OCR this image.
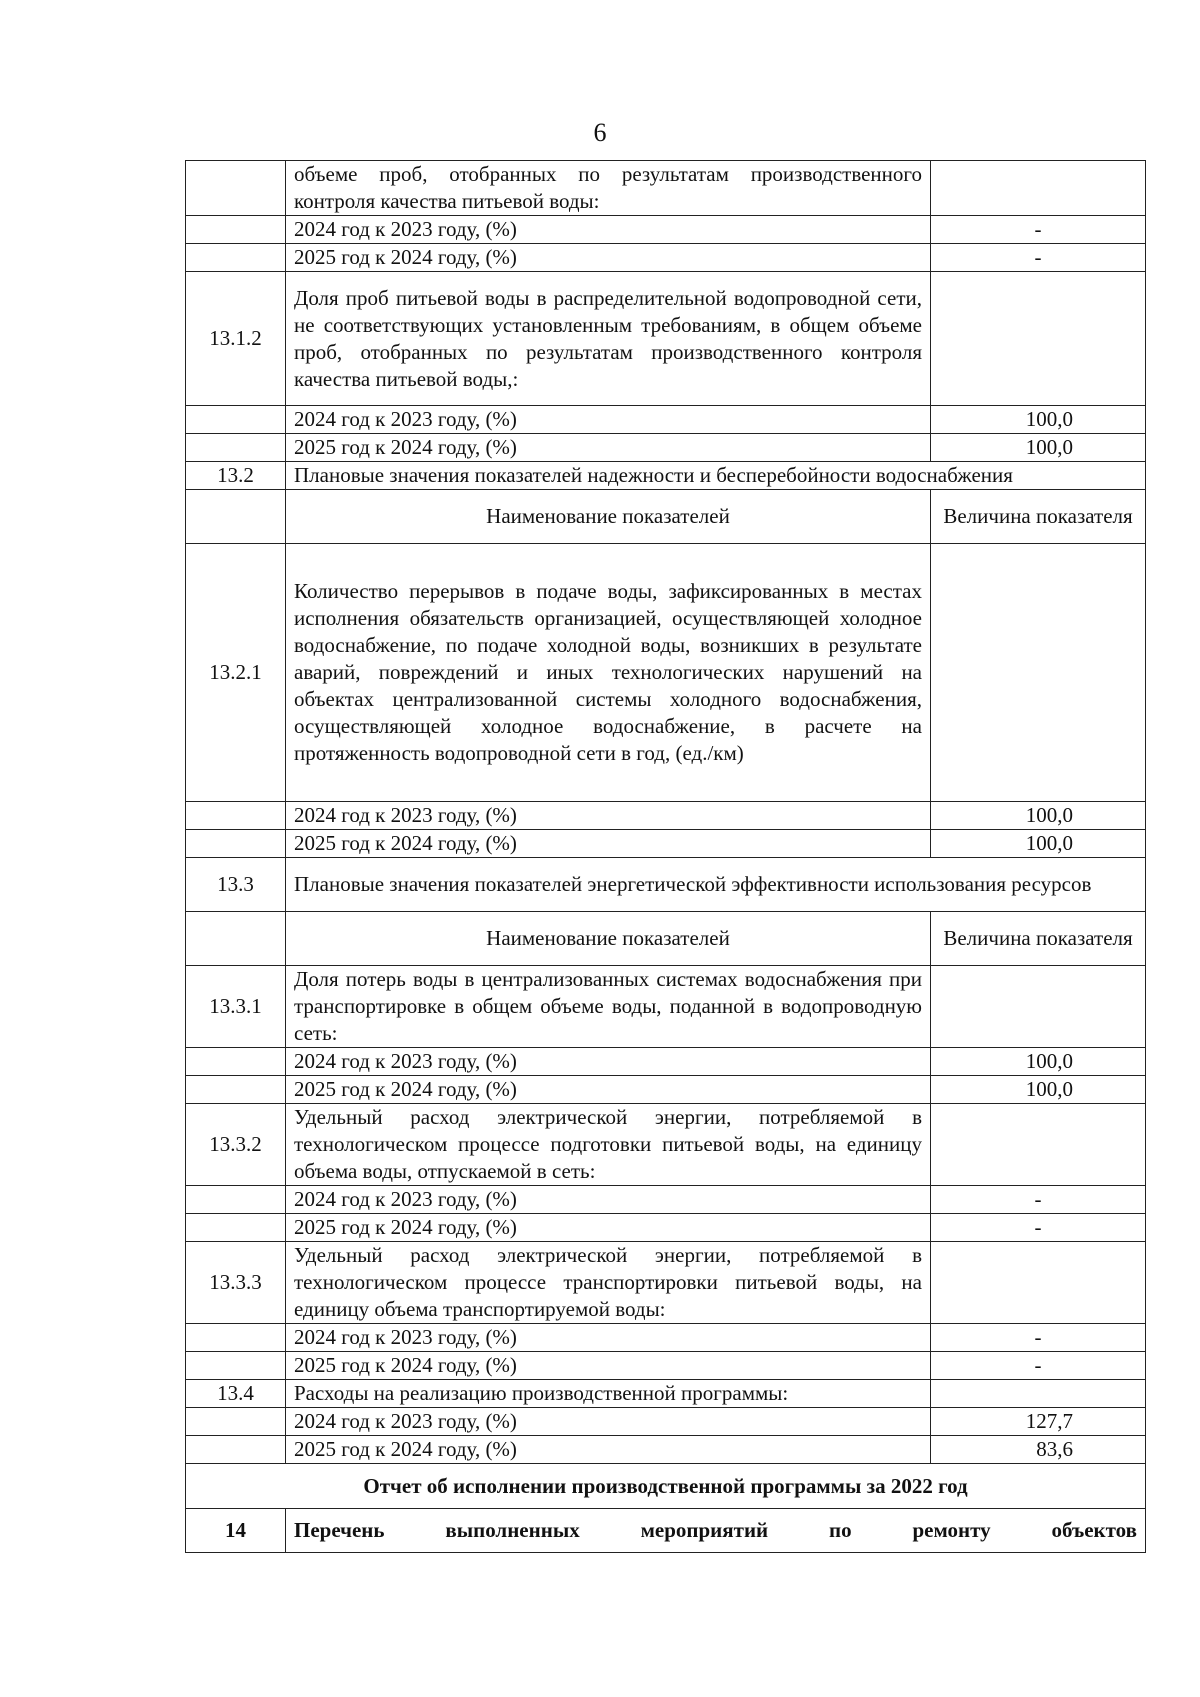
6
	объеме проб, отобранных по результатам производственного контроля качества питьевой воды:	
	2024 год к 2023 году, (%)	-
	2025 год к 2024 году, (%)	-
13.1.2	Доля проб питьевой воды в распределительной водопроводной сети, не соответствующих установленным требованиям, в общем объеме проб, отобранных по результатам производственного контроля качества питьевой воды,:	
	2024 год к 2023 году, (%)	100,0
	2025 год к 2024 году, (%)	100,0
13.2	Плановые значения показателей надежности и бесперебойности водоснабжения	
	Наименование показателей	Величина показателя
13.2.1	Количество перерывов в подаче воды, зафиксированных в местах исполнения обязательств организацией, осуществляющей холодное водоснабжение, по подаче холодной воды, возникших в результате аварий, повреждений и иных технологических нарушений на объектах централизованной системы холодного водоснабжения, осуществляющей холодное водоснабжение, в расчете на протяженность водопроводной сети в год, (ед./км)	
	2024 год к 2023 году, (%)	100,0
	2025 год к 2024 году, (%)	100,0
13.3	Плановые значения показателей энергетической эффективности использования ресурсов	
	Наименование показателей	Величина показателя
13.3.1	Доля потерь воды в централизованных системах водоснабжения при транспортировке в общем объеме воды, поданной в водопроводную сеть:	
	2024 год к 2023 году, (%)	100,0
	2025 год к 2024 году, (%)	100,0
13.3.2	Удельный расход электрической энергии, потребляемой в технологическом процессе подготовки питьевой воды, на единицу объема воды, отпускаемой в сеть:	
	2024 год к 2023 году, (%)	-
	2025 год к 2024 году, (%)	-
13.3.3	Удельный расход электрической энергии, потребляемой в технологическом процессе транспортировки питьевой воды, на единицу объема транспортируемой воды:	
	2024 год к 2023 году, (%)	-
	2025 год к 2024 году, (%)	-
13.4	Расходы на реализацию производственной программы:	
	2024 год к 2023 году, (%)	127,7
	2025 год к 2024 году, (%)	83,6
Отчет об исполнении производственной программы за 2022 год		
14	Перечень выполненных мероприятий по ремонту объектов	
